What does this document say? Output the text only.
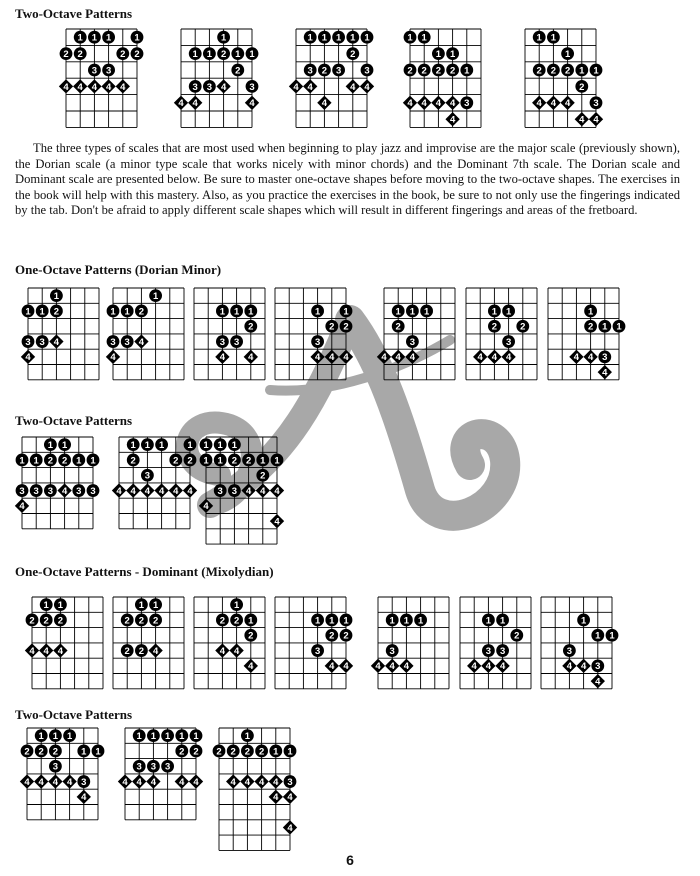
Two-Octave Patterns

The three types of scales that are most used when beginning to play jazz and improvise are the major scale (previously shown), the Dorian scale (a minor type scale that works nicely with minor chords) and the Dominant 7th scale. The Dorian scale and Dominant scale are presented below. Be sure to master one-octave shapes before moving to the two-octave shapes. The exercises in the book will help with this mastery. Also, as you practice the exercises in the book, be sure to not only use the fingerings indicated by the tab. Don't be afraid to apply different scale shapes which will result in different fingerings and areas of the fretboard.

One-Octave Patterns (Dorian Minor)
Two-Octave Patterns
One-Octave Patterns - Dominant (Mixolydian)
Two-Octave Patterns
6
1 1 1 1
2 2	2 2
3 3
4 4 4 4 4
1
1 1 2 1 1
2
3 3 4 3
4 4	4
1 1 1 1 1
2
3 2 3 3
4 4	4 4
4
1 1
1 1
2 2 2 2 1
4 4 4 4 3
4
1 1
1
2 2 2 1 1
2
4 4 4 3
4 4
1
1 1 2
3 3 4
4
1
1 1 2
3 3 4
4
1 1 1
2
3 3
4 4
1 1
2 2
3
4 4 4
1 1 1
2
3
4 4 4
1 1
2 2
3
4 4 4
1
2 1 1
4 4 3
4
1 1
1 1 2 2 1 1
3 3 3 4 3 3
4
1 1 1 1
2	2 2
3
4 4 4 4 4 4
1 1 1
1 1 2 2 1 1
2
3 3 4 4 4
4
4
1 1
2 2 2
4 4 4
1 1
2 2 2
2 2 4
1
2 2 1
2
4 4
4
1 1
1
2 2
3
4 4
1 1 1
3
4 4 4
1 1
2
3 3
4 4 4
1
1 1
3
4 4 3
4
1 1 1
2 2 2 1 1
3
4 4 4 4 3
4
1 1 1 1 1
2 2
3 3 3
4 4 4 4 4
1
2 2 2 2 1 1
4 4 4 4 3
4 4
4
